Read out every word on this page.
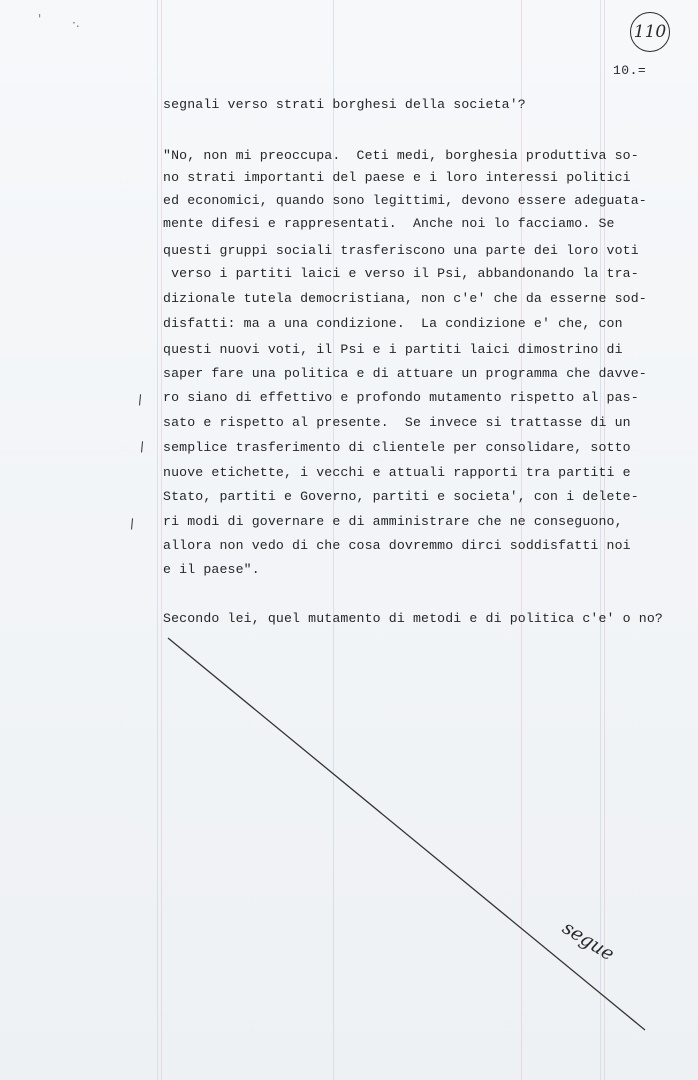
'	·.	110
10.=
segnali verso strati borghesi della societa'?
"No, non mi preoccupa.  Ceti medi, borghesia produttiva so-
no strati importanti del paese e i loro interessi politici
ed economici, quando sono legittimi, devono essere adeguata-
mente difesi e rappresentati.  Anche noi lo facciamo. Se
questi gruppi sociali trasferiscono una parte dei loro voti
verso i partiti laici e verso il Psi, abbandonando la tra-
dizionale tutela democristiana, non c'e' che da esserne sod-
disfatti: ma a una condizione.  La condizione e' che, con
questi nuovi voti, il Psi e i partiti laici dimostrino di
saper fare una politica e di attuare un programma che davve-
ro siano di effettivo e profondo mutamento rispetto al pas-
sato e rispetto al presente.  Se invece si trattasse di un
semplice trasferimento di clientele per consolidare, sotto
nuove etichette, i vecchi e attuali rapporti tra partiti e
Stato, partiti e Governo, partiti e societa', con i delete-
ri modi di governare e di amministrare che ne conseguono,
allora non vedo di che cosa dovremmo dirci soddisfatti noi
e il paese".
Secondo lei, quel mutamento di metodi e di politica c'e' o no?
/
/
/
segue
